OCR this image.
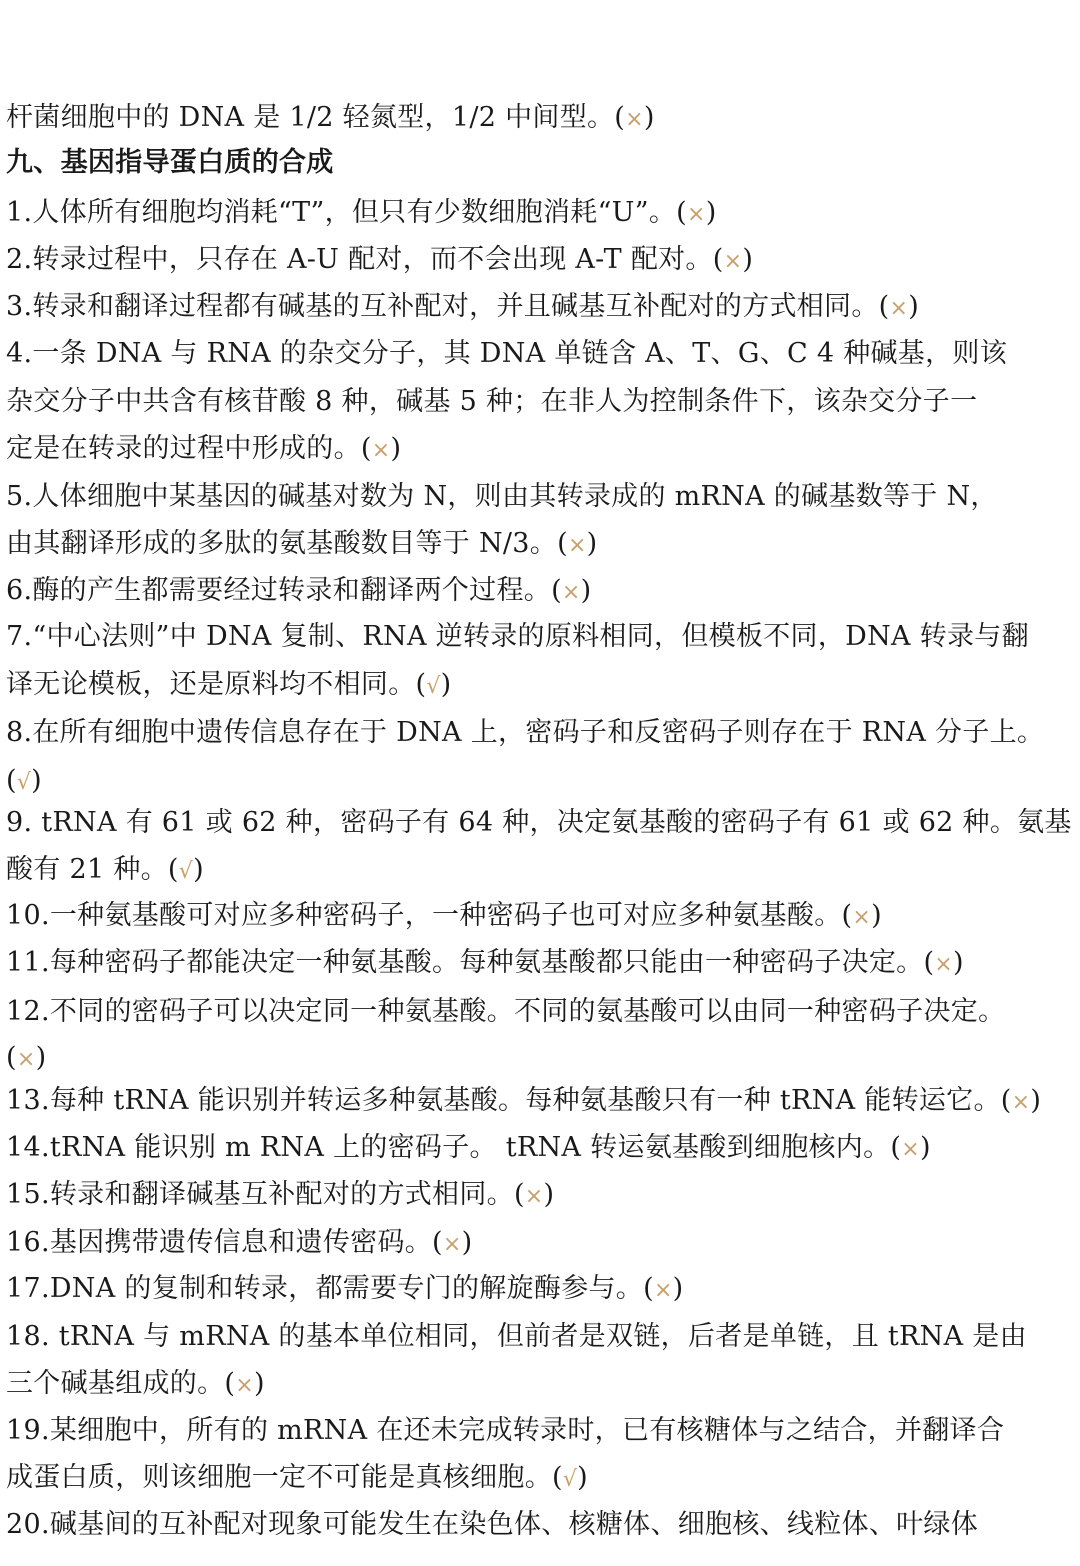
杆菌细胞中的 DNA 是 1/2 轻氮型，1/2 中间型。(×)
九、基因指导蛋白质的合成
1.人体所有细胞均消耗“T”，但只有少数细胞消耗“U”。(×)
2.转录过程中，只存在 A-U 配对，而不会出现 A-T 配对。(×)
3.转录和翻译过程都有碱基的互补配对，并且碱基互补配对的方式相同。(×)
4.一条 DNA 与 RNA 的杂交分子，其 DNA 单链含 A、T、G、C 4 种碱基，则该
杂交分子中共含有核苷酸 8 种，碱基 5 种；在非人为控制条件下，该杂交分子一
定是在转录的过程中形成的。(×)
5.人体细胞中某基因的碱基对数为 N，则由其转录成的 mRNA 的碱基数等于 N，
由其翻译形成的多肽的氨基酸数目等于 N/3。(×)
6.酶的产生都需要经过转录和翻译两个过程。(×)
7.“中心法则”中 DNA 复制、RNA 逆转录的原料相同，但模板不同，DNA 转录与翻
译无论模板，还是原料均不相同。(√)
8.在所有细胞中遗传信息存在于 DNA 上，密码子和反密码子则存在于 RNA 分子上。
(√)
9. tRNA 有 61 或 62 种，密码子有 64 种，决定氨基酸的密码子有 61 或 62 种。氨基
酸有 21 种。(√)
10.一种氨基酸可对应多种密码子，一种密码子也可对应多种氨基酸。(×)
11.每种密码子都能决定一种氨基酸。每种氨基酸都只能由一种密码子决定。(×)
12.不同的密码子可以决定同一种氨基酸。不同的氨基酸可以由同一种密码子决定。
(×)
13.每种 tRNA 能识别并转运多种氨基酸。每种氨基酸只有一种 tRNA 能转运它。(×)
14.tRNA 能识别 m RNA 上的密码子。 tRNA 转运氨基酸到细胞核内。(×)
15.转录和翻译碱基互补配对的方式相同。(×)
16.基因携带遗传信息和遗传密码。(×)
17.DNA 的复制和转录，都需要专门的解旋酶参与。(×)
18. tRNA 与 mRNA 的基本单位相同，但前者是双链，后者是单链，且 tRNA 是由
三个碱基组成的。(×)
19.某细胞中，所有的 mRNA 在还未完成转录时，已有核糖体与之结合，并翻译合
成蛋白质，则该细胞一定不可能是真核细胞。(√)
20.碱基间的互补配对现象可能发生在染色体、核糖体、细胞核、线粒体、叶绿体
